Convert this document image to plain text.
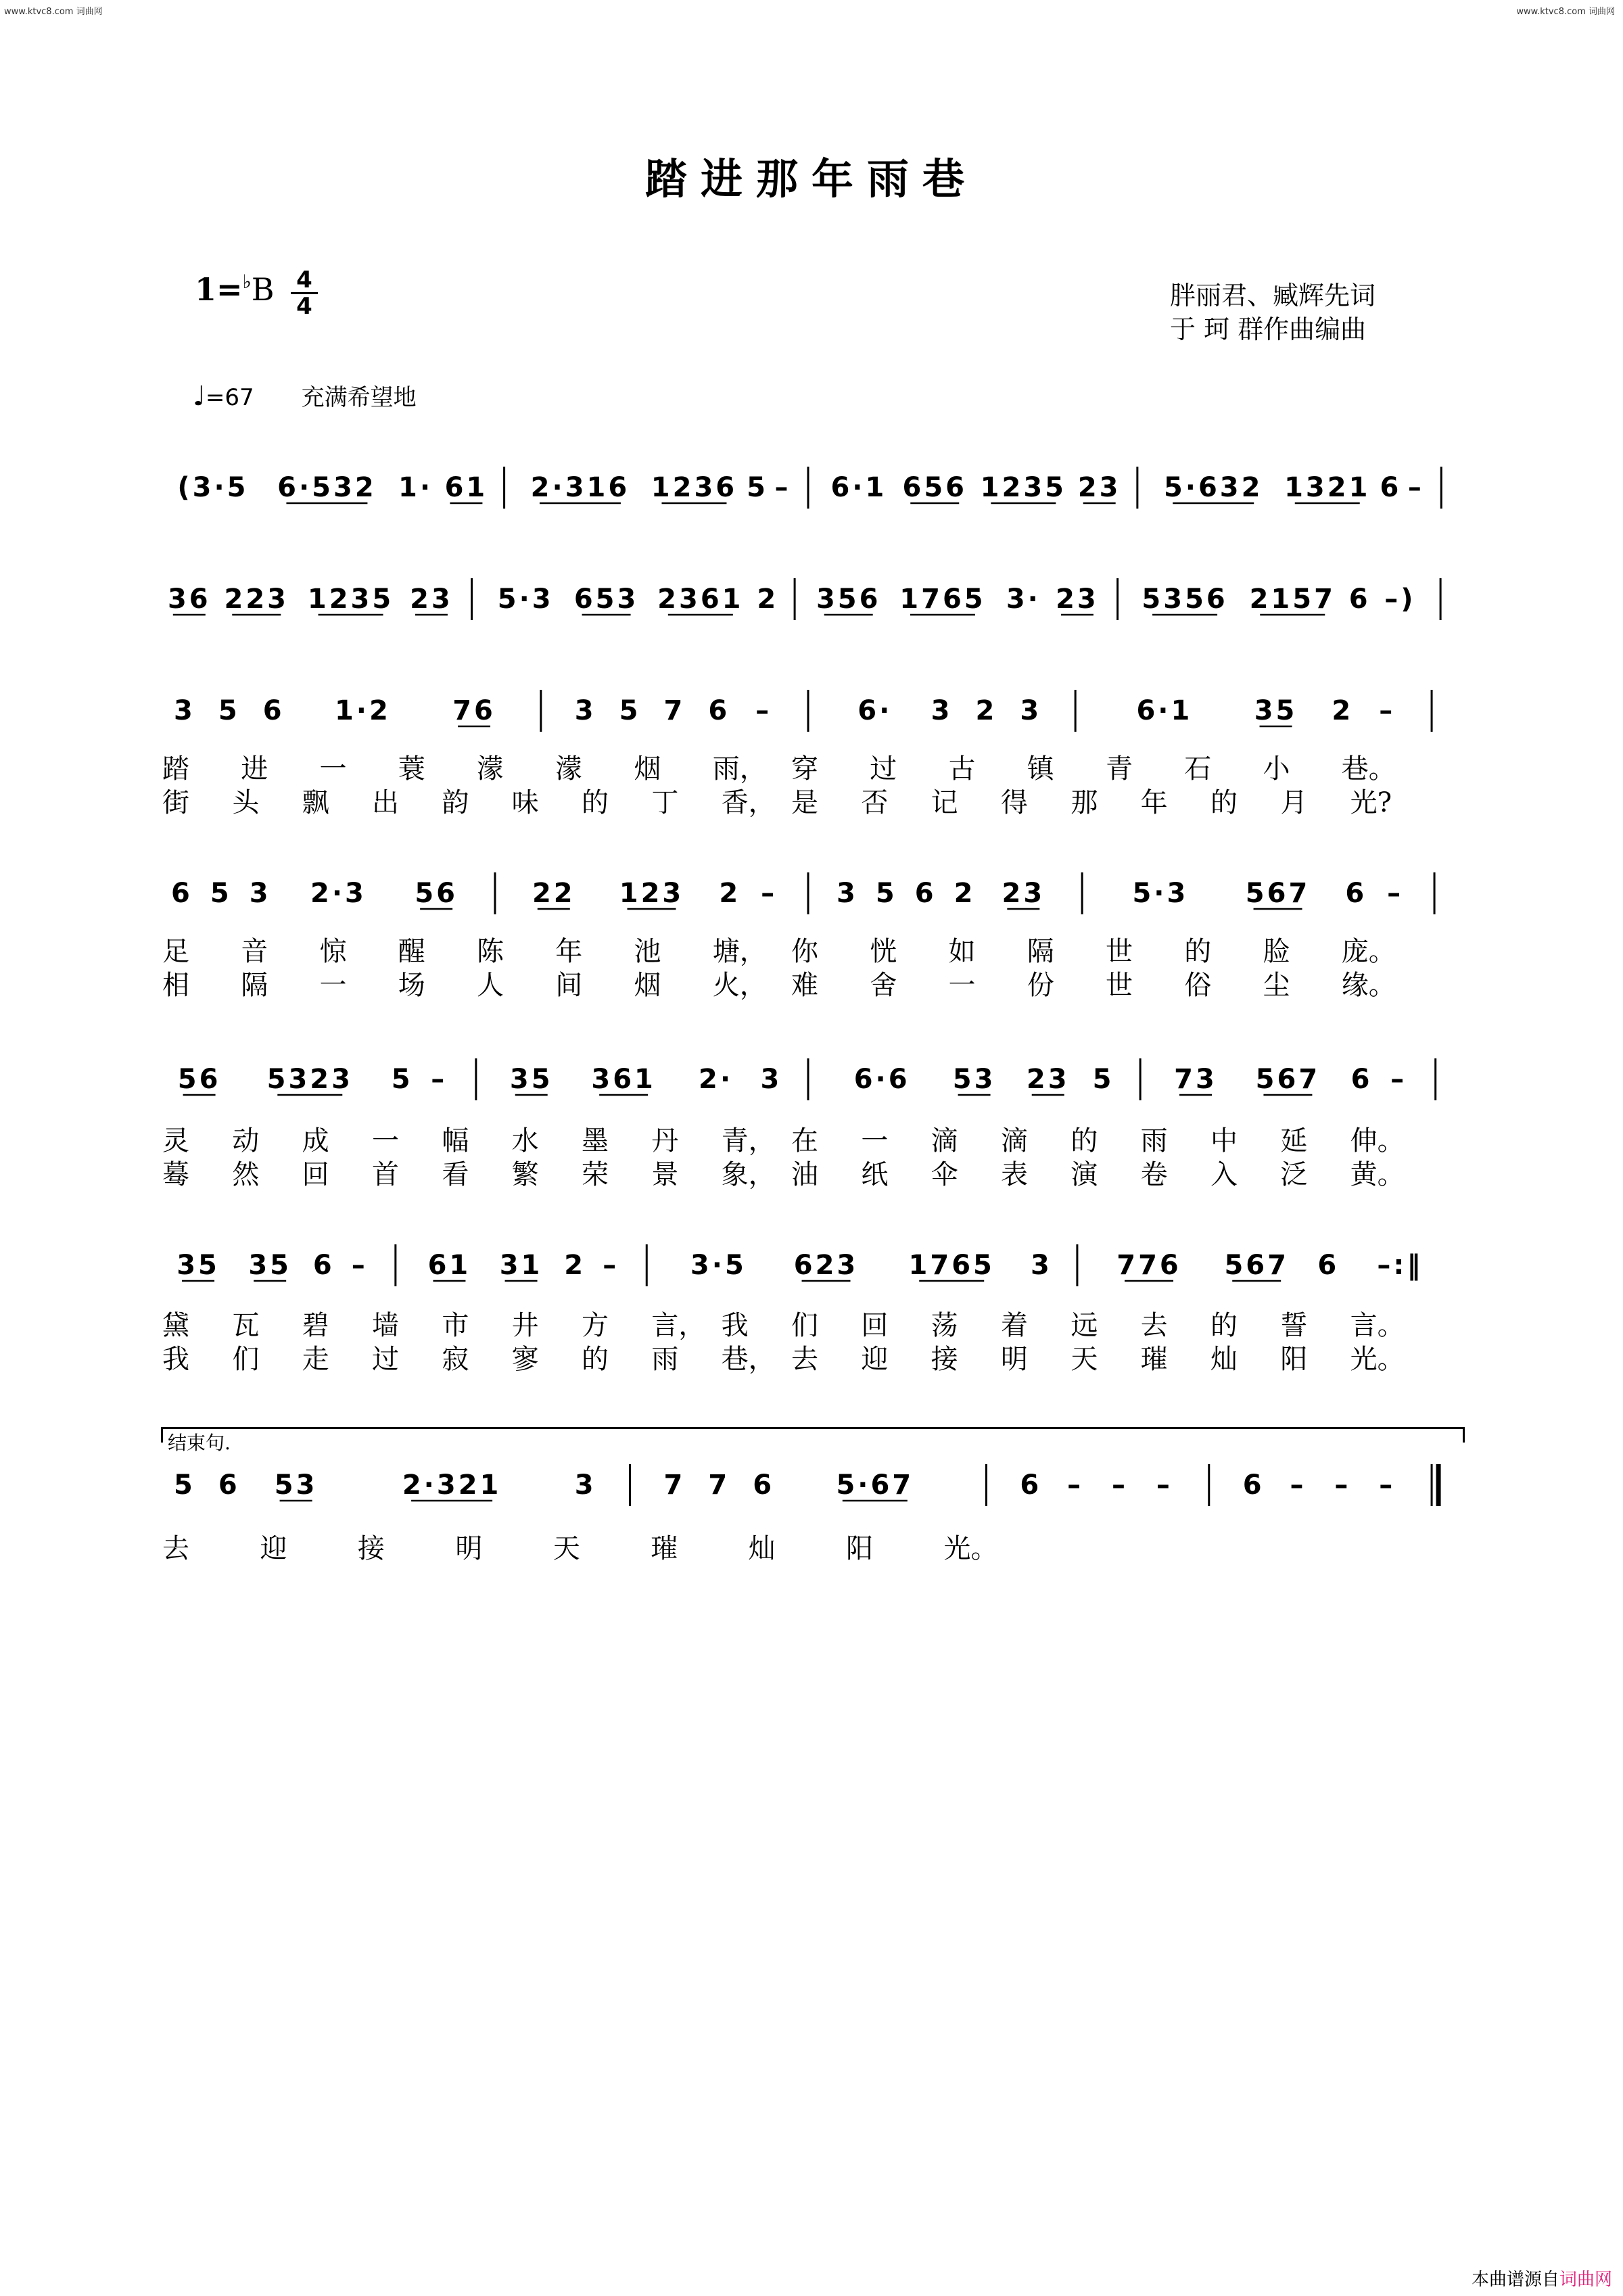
www.ktvc8.com 词曲网	www.ktvc8.com 词曲网
踏进那年雨巷
1=♭B 4
4	胖丽君、臧辉先词
于 珂 群作曲编曲
♩=67 充满希望地
(3·5 6·532 1· 61 2·316 1236 5 – 6·1 656 1235 23 5·632 1321 6 –
36 223 1235 23 5·3 653 2361 2 356 1765 3· 23 5356 2157 6 –)
3 5 6 1·2 76	3 5 7 6 –	6· 3 2 3	6·1 35 2 –
6 5 3 2·3 56	22 123 2 – 3 5 6 2 23	5·3 567 6 –
56 5323 5 – 35 361 2· 3	6·6 53 23 5 73 567 6 –
35 35 6 – 61 31 2 –	3·5 623 1765 3 776 567 6 –:‖
5 6 53	2·321	3 7 7 6 5·67	6 – – –	6 – – –
踏 进 一 蓑 濛 濛 烟 雨， 穿 过 古 镇 青 石 小 巷。
街 头 飘 出 韵 味 的 丁 香， 是 否 记 得 那 年 的 月 光?
足 音 惊 醒 陈 年 池 塘， 你 恍 如 隔 世 的 脸 庞。
相 隔 一 场 人 间 烟 火， 难 舍 一 份 世 俗 尘 缘。
灵 动 成 一 幅 水 墨 丹 青， 在 一 滴 滴 的 雨 中 延 伸。
蓦 然 回 首 看 繁 荣 景 象， 油 纸 伞 表 演 卷 入 泛 黄。
黛 瓦 碧 墙 市 井 方 言， 我 们 回 荡 着 远 去 的 誓 言。
我 们 走 过 寂 寥 的 雨 巷， 去 迎 接 明 天 璀 灿 阳 光。
去	迎	接	明	天	璀	灿	阳	光。
结束句.
本曲谱源自词曲网
